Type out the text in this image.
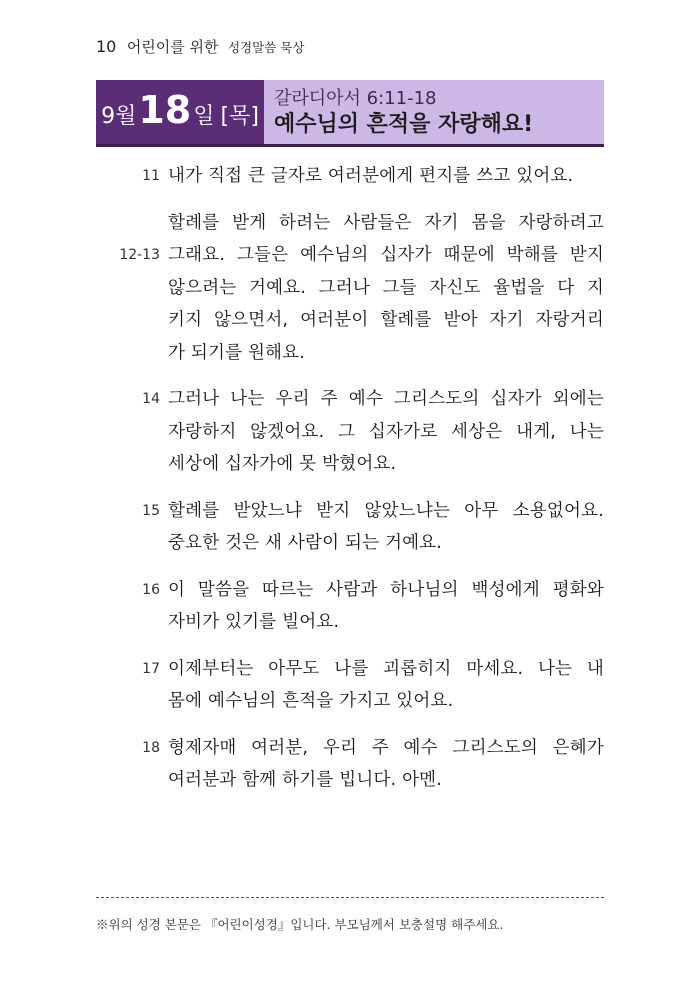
10 어린이를 위한 성경말씀 묵상
9월 18 일 [목]
갈라디아서 6:11-18
예수님의 흔적을 자랑해요!
11 내가 직접 큰 글자로 여러분에게 편지를 쓰고 있어요.
12-13
할례를 받게 하려는 사람들은 자기 몸을 자랑하려고
그래요. 그들은 예수님의 십자가 때문에 박해를 받지
않으려는 거예요. 그러나 그들 자신도 율법을 다 지
키지 않으면서, 여러분이 할례를 받아 자기 자랑거리
가 되기를 원해요.
14 그러나 나는 우리 주 예수 그리스도의 십자가 외에는
자랑하지 않겠어요. 그 십자가로 세상은 내게, 나는
세상에 십자가에 못 박혔어요.
15 할례를 받았느냐 받지 않았느냐는 아무 소용없어요.
중요한 것은 새 사람이 되는 거예요.
16 이 말씀을 따르는 사람과 하나님의 백성에게 평화와
자비가 있기를 빌어요.
17 이제부터는 아무도 나를 괴롭히지 마세요. 나는 내
몸에 예수님의 흔적을 가지고 있어요.
18 형제자매 여러분, 우리 주 예수 그리스도의 은혜가
여러분과 함께 하기를 빕니다. 아멘.
※위의 성경 본문은 『어린이성경』입니다. 부모님께서 보충설명 해주세요.
